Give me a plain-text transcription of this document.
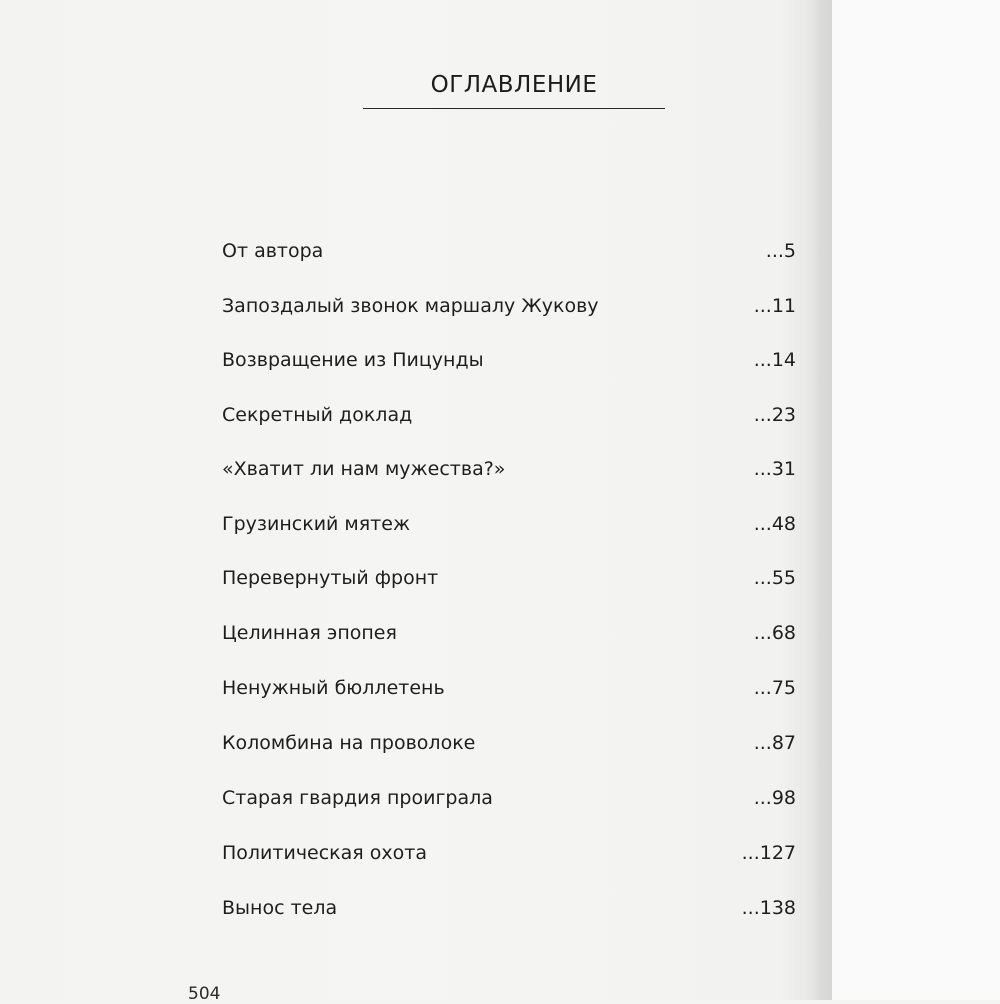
ОГЛАВЛЕНИЕ
От автора	...5
Запоздалый звонок маршалу Жукову	...11
Возвращение из Пицунды	...14
Секретный доклад	...23
«Хватит ли нам мужества?»	...31
Грузинский мятеж	...48
Перевернутый фронт	...55
Целинная эпопея	...68
Ненужный бюллетень	...75
Коломбина на проволоке	...87
Старая гвардия проиграла	...98
Политическая охота	...127
Вынос тела	...138
504
